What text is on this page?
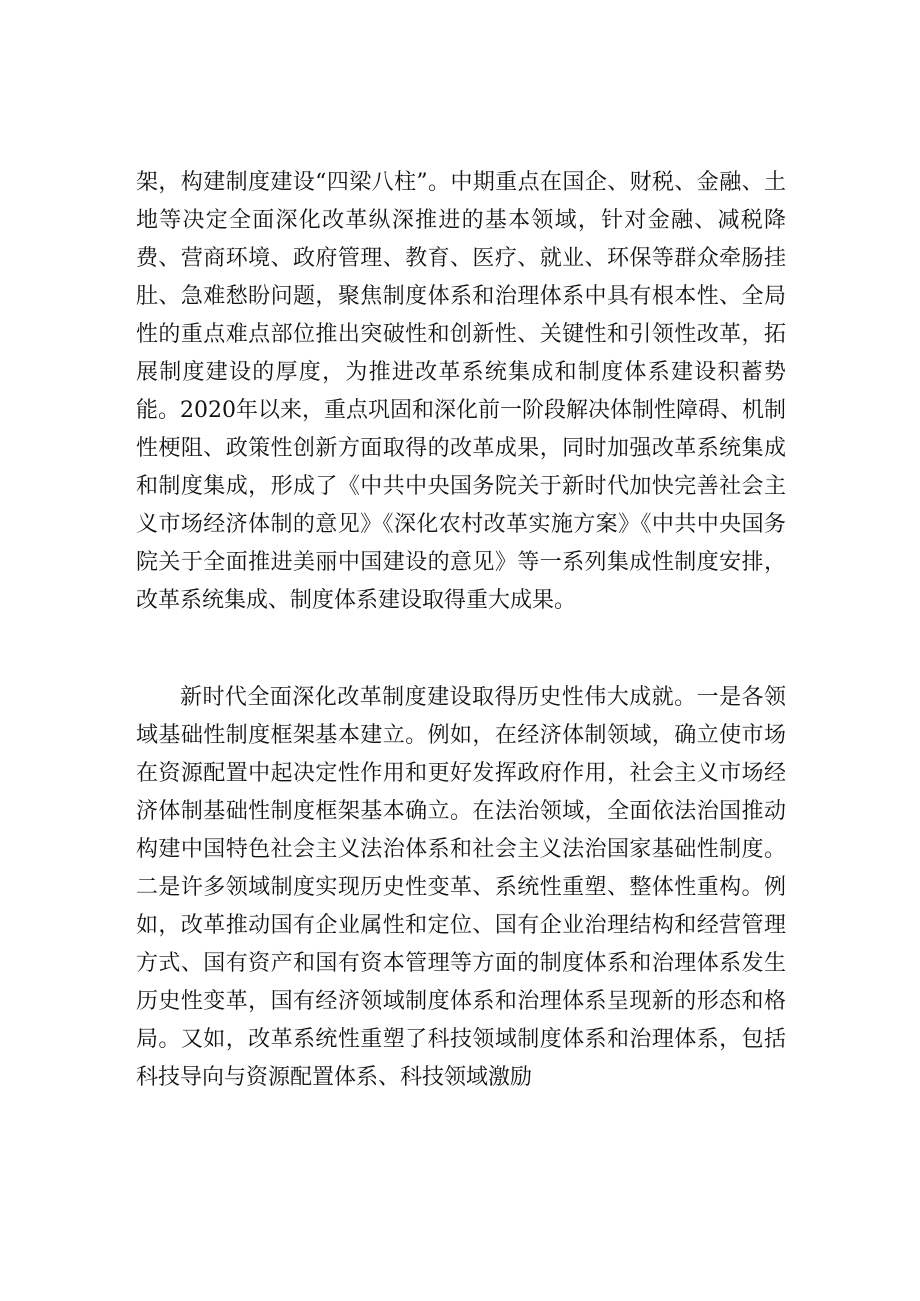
架，构建制度建设“四梁八柱”。中期重点在国企、财税、金融、土地等决定全面深化改革纵深推进的基本领域，针对金融、减税降费、营商环境、政府管理、教育、医疗、就业、环保等群众牵肠挂肚、急难愁盼问题，聚焦制度体系和治理体系中具有根本性、全局性的重点难点部位推出突破性和创新性、关键性和引领性改革，拓展制度建设的厚度，为推进改革系统集成和制度体系建设积蓄势能。2020年以来，重点巩固和深化前一阶段解决体制性障碍、机制性梗阻、政策性创新方面取得的改革成果，同时加强改革系统集成和制度集成，形成了《中共中央国务院关于新时代加快完善社会主义市场经济体制的意见》《深化农村改革实施方案》《中共中央国务院关于全面推进美丽中国建设的意见》等一系列集成性制度安排，改革系统集成、制度体系建设取得重大成果。

新时代全面深化改革制度建设取得历史性伟大成就。一是各领域基础性制度框架基本建立。例如，在经济体制领域，确立使市场在资源配置中起决定性作用和更好发挥政府作用，社会主义市场经济体制基础性制度框架基本确立。在法治领域，全面依法治国推动构建中国特色社会主义法治体系和社会主义法治国家基础性制度。二是许多领域制度实现历史性变革、系统性重塑、整体性重构。例如，改革推动国有企业属性和定位、国有企业治理结构和经营管理方式、国有资产和国有资本管理等方面的制度体系和治理体系发生历史性变革，国有经济领域制度体系和治理体系呈现新的形态和格局。又如，改革系统性重塑了科技领域制度体系和治理体系，包括科技导向与资源配置体系、科技领域激励
